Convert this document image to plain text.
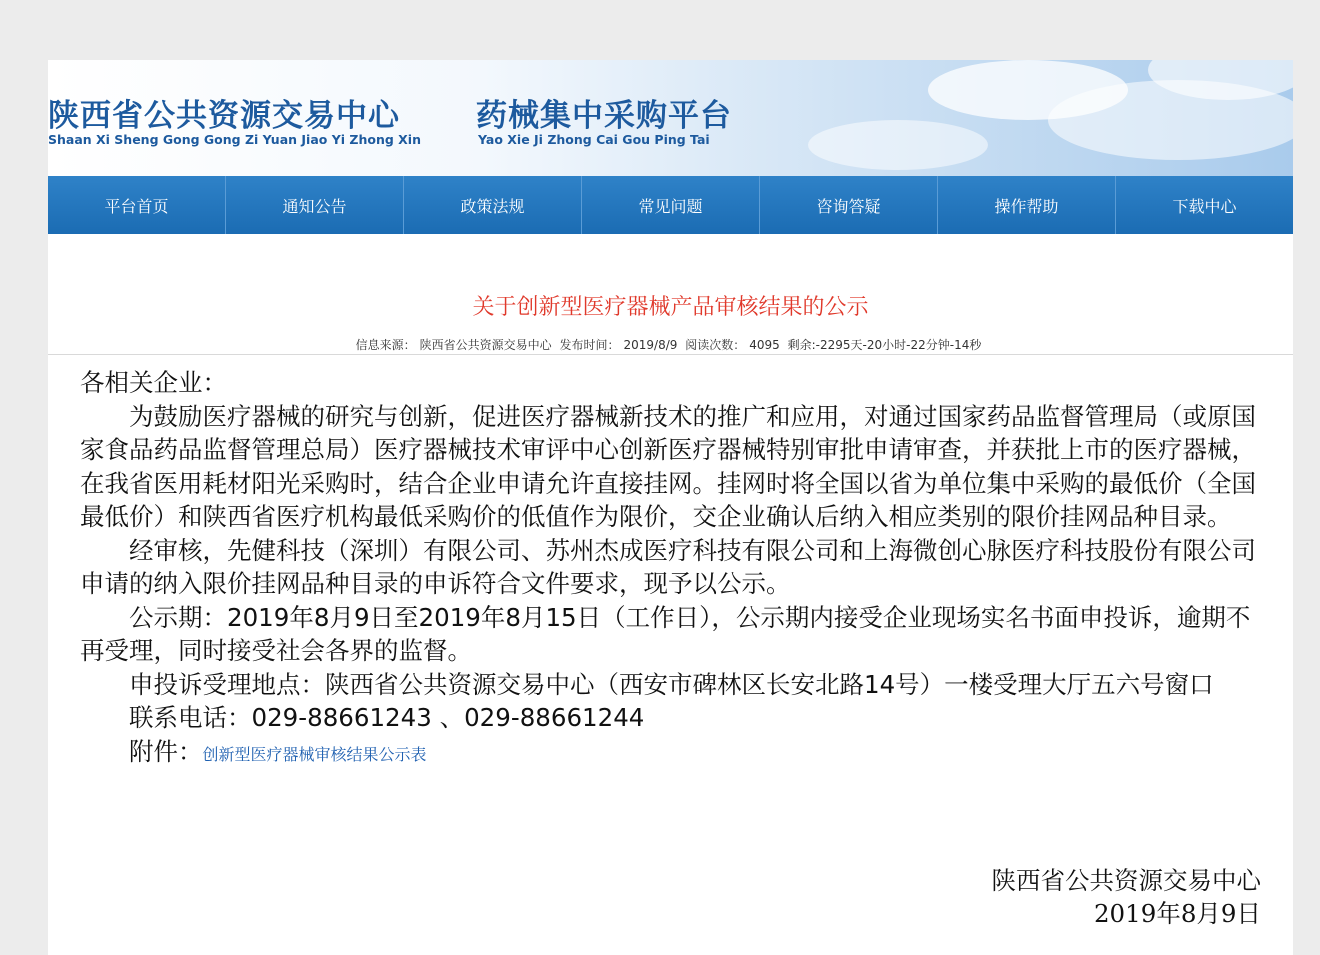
陕西省公共资源交易中心 药械集中采购平台
Shaan Xi Sheng Gong Gong Zi Yuan Jiao Yi Zhong Xin	Yao Xie Ji Zhong Cai Gou Ping Tai
平台首页	通知公告	政策法规	常见问题	咨询答疑	操作帮助	下载中心
关于创新型医疗器械产品审核结果的公示
信息来源： 陕西省公共资源交易中心 发布时间： 2019/8/9 阅读次数： 4095 剩余:-2295天-20小时-22分钟-14秒

各相关企业：

为鼓励医疗器械的研究与创新，促进医疗器械新技术的推广和应用，对通过国家药品监督管理局（或原国家食品药品监督管理总局）医疗器械技术审评中心创新医疗器械特别审批申请审查，并获批上市的医疗器械，在我省医用耗材阳光采购时，结合企业申请允许直接挂网。挂网时将全国以省为单位集中采购的最低价（全国最低价）和陕西省医疗机构最低采购价的低值作为限价，交企业确认后纳入相应类别的限价挂网品种目录。

经审核，先健科技（深圳）有限公司、苏州杰成医疗科技有限公司和上海微创心脉医疗科技股份有限公司申请的纳入限价挂网品种目录的申诉符合文件要求，现予以公示。

公示期：2019年8月9日至2019年8月15日（工作日），公示期内接受企业现场实名书面申投诉，逾期不再受理，同时接受社会各界的监督。

申投诉受理地点：陕西省公共资源交易中心（西安市碑林区长安北路14号）一楼受理大厅五六号窗口

联系电话：029-88661243 、029-88661244

附件：创新型医疗器械审核结果公示表

陕西省公共资源交易中心
2019年8月9日
